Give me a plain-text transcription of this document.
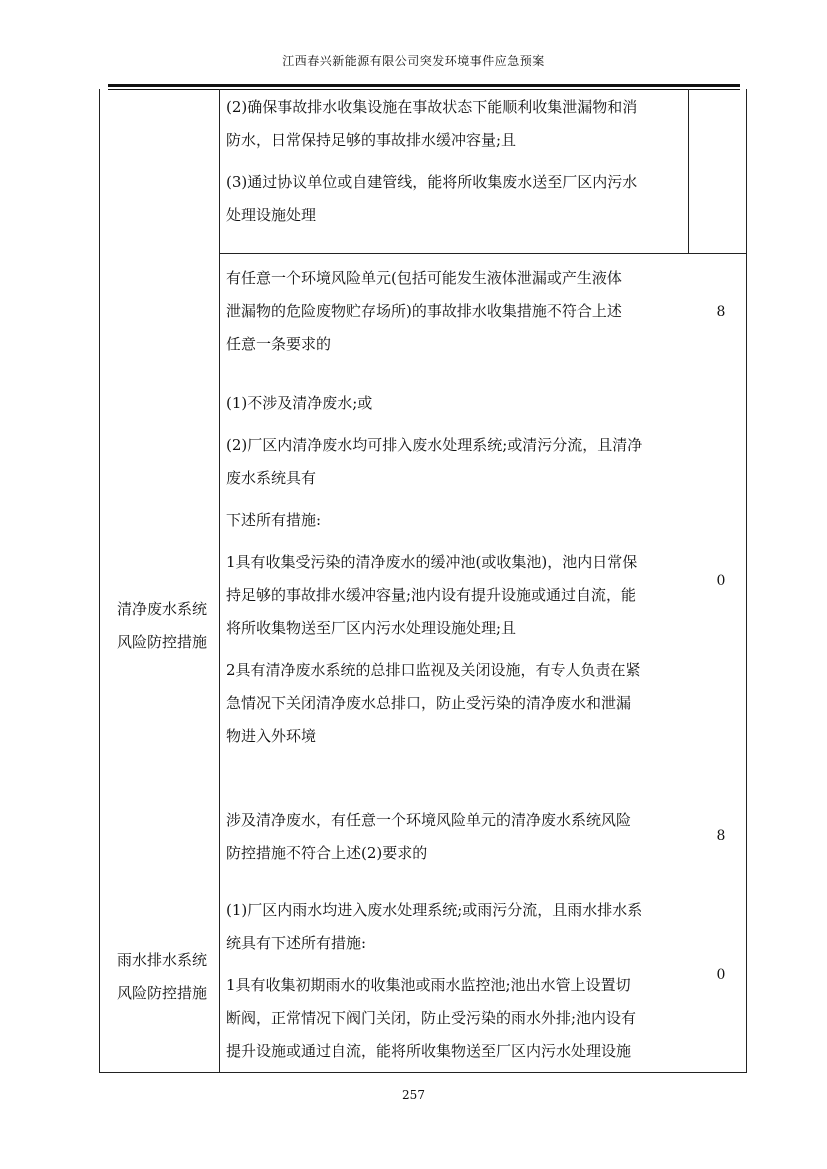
江西春兴新能源有限公司突发环境事件应急预案

(2)确保事故排水收集设施在事故状态下能顺利收集泄漏物和消

防水，日常保持足够的事故排水缓冲容量;且

(3)通过协议单位或自建管线，能将所收集废水送至厂区内污水

处理设施处理

有任意一个环境风险单元(包括可能发生液体泄漏或产生液体

泄漏物的危险废物贮存场所)的事故排水收集措施不符合上述

任意一条要求的

8

(1)不涉及清净废水;或

(2)厂区内清净废水均可排入废水处理系统;或清污分流，且清净

废水系统具有

下述所有措施:

1具有收集受污染的清净废水的缓冲池(或收集池)，池内日常保

持足够的事故排水缓冲容量;池内设有提升设施或通过自流，能

将所收集物送至厂区内污水处理设施处理;且

2具有清净废水系统的总排口监视及关闭设施，有专人负责在紧

急情况下关闭清净废水总排口，防止受污染的清净废水和泄漏

物进入外环境

清净废水系统
风险防控措施
0

涉及清净废水，有任意一个环境风险单元的清净废水系统风险

防控措施不符合上述(2)要求的

8

(1)厂区内雨水均进入废水处理系统;或雨污分流，且雨水排水系

统具有下述所有措施:

1具有收集初期雨水的收集池或雨水监控池;池出水管上设置切

断阀，正常情况下阀门关闭，防止受污染的雨水外排;池内设有

提升设施或通过自流，能将所收集物送至厂区内污水处理设施

雨水排水系统
风险防控措施
0
257
